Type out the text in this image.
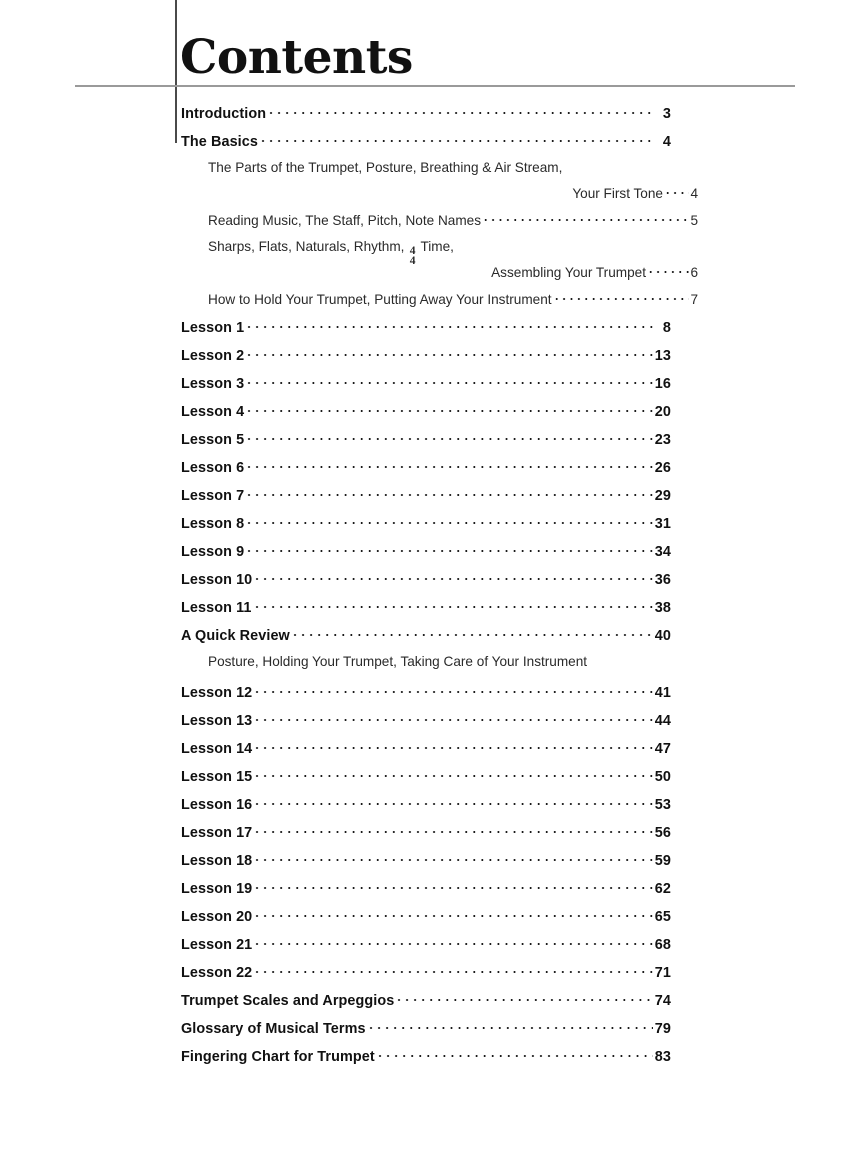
Contents
Introduction	3
The Basics	4
The Parts of the Trumpet, Posture, Breathing & Air Stream,
Your First Tone 4
Reading Music, The Staff, Pitch, Note Names	5
Sharps, Flats, Naturals, Rhythm, 4
4
Time,
Assembling Your Trumpet	6
How to Hold Your Trumpet, Putting Away Your Instrument	7
Lesson 1	8
Lesson 2	13
Lesson 3	16
Lesson 4	20
Lesson 5	23
Lesson 6	26
Lesson 7	29
Lesson 8	31
Lesson 9	34
Lesson 10	36
Lesson 11	38
A Quick Review	40
Posture, Holding Your Trumpet, Taking Care of Your Instrument
Lesson 12	41
Lesson 13	44
Lesson 14	47
Lesson 15	50
Lesson 16	53
Lesson 17	56
Lesson 18	59
Lesson 19	62
Lesson 20	65
Lesson 21	68
Lesson 22	71
Trumpet Scales and Arpeggios	74
Glossary of Musical Terms	79
Fingering Chart for Trumpet	83
